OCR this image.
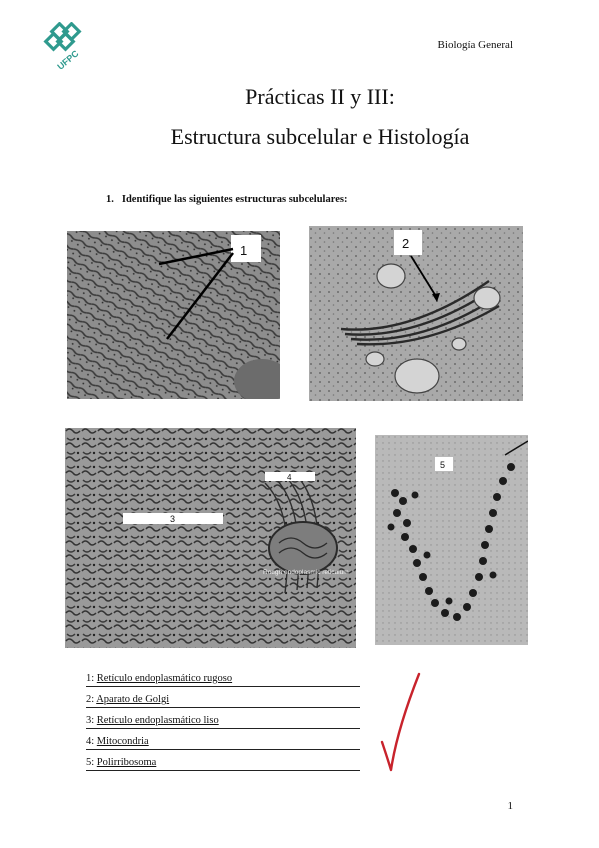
UFPC
Biología General
Prácticas II y III:
Estructura subcelular e Histología
1. Identifique las siguientes estructuras subcelulares:
1	2
3
4
Rough endoplasmic reticulum
5
1: Retículo endoplasmático rugoso
2: Aparato de Golgi
3: Retículo endoplasmático liso
4: Mitocondria
5: Polirribosoma
1
